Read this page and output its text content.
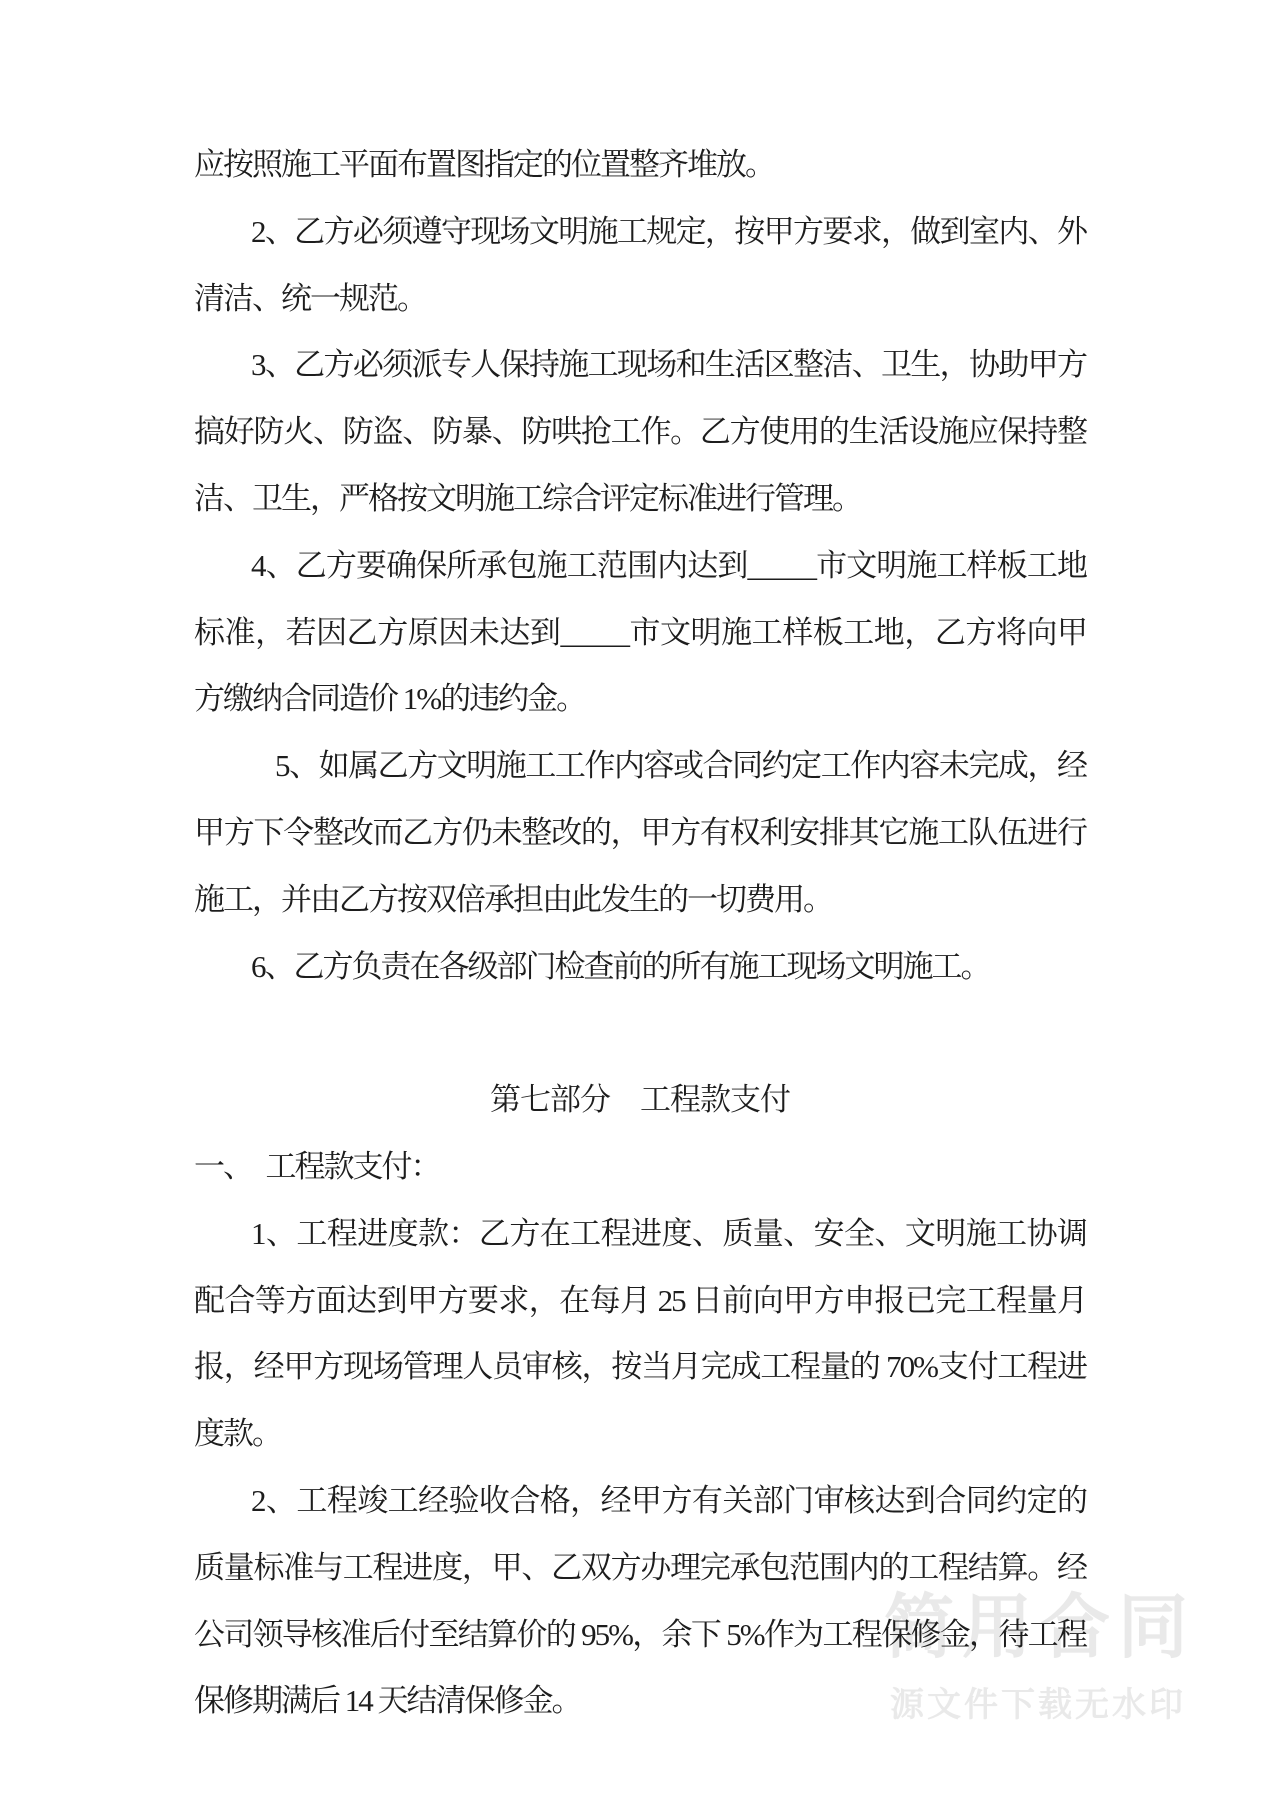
简用合同
源文件下载无水印
应按照施工平面布置图指定的位置整齐堆放。
2、乙方必须遵守现场文明施工规定，按甲方要求，做到室内、外
清洁、统一规范。
3、乙方必须派专人保持施工现场和生活区整洁、卫生，协助甲方
搞好防火、防盗、防暴、防哄抢工作。乙方使用的生活设施应保持整
洁、卫生，严格按文明施工综合评定标准进行管理。
4、乙方要确保所承包施工范围内达到_____市文明施工样板工地
标准，若因乙方原因未达到_____市文明施工样板工地，乙方将向甲
方缴纳合同造价 1%的违约金。
5、如属乙方文明施工工作内容或合同约定工作内容未完成，经
甲方下令整改而乙方仍未整改的，甲方有权利安排其它施工队伍进行
施工，并由乙方按双倍承担由此发生的一切费用。
6、乙方负责在各级部门检查前的所有施工现场文明施工。
第七部分　工程款支付
一、　工程款支付：
1、工程进度款：乙方在工程进度、质量、安全、文明施工协调
配合等方面达到甲方要求，在每月 25 日前向甲方申报已完工程量月
报，经甲方现场管理人员审核，按当月完成工程量的 70%支付工程进
度款。
2、工程竣工经验收合格，经甲方有关部门审核达到合同约定的
质量标准与工程进度，甲、乙双方办理完承包范围内的工程结算。经
公司领导核准后付至结算价的 95%，余下 5%作为工程保修金，待工程
保修期满后 14 天结清保修金。
